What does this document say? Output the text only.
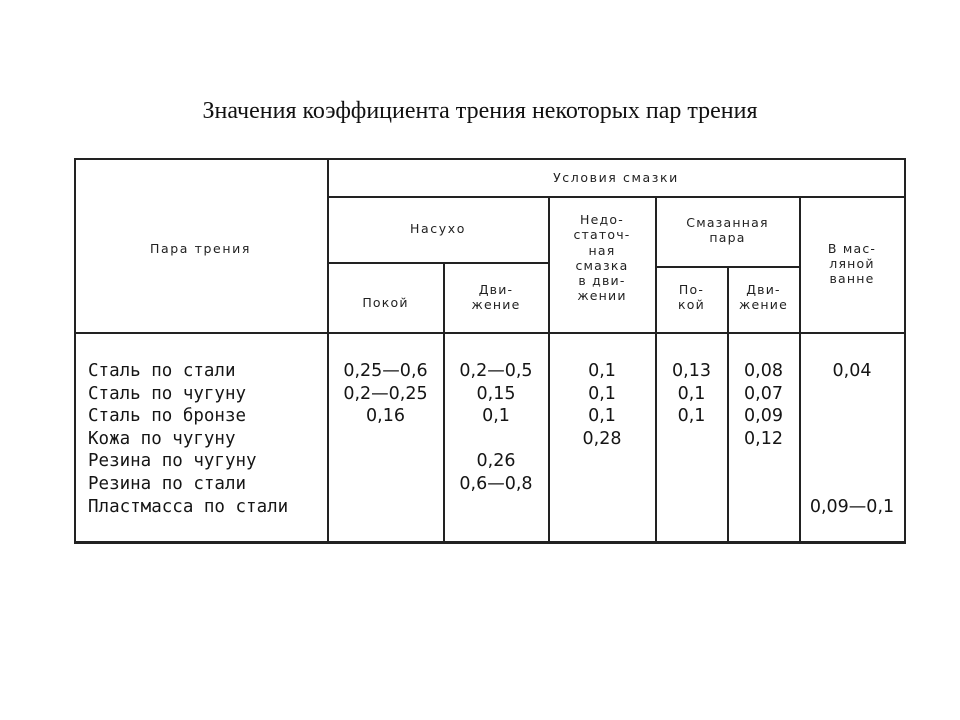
Значения коэффициента трения некоторых пар трения
Пара трения
Условия смазки
Насухо
Покой
Дви-
жение
Недо-
статоч-
ная
смазка
в дви-
жении
Смазанная
пара
По-
кой
Дви-
жение
В мас-
ляной
ванне
Сталь по стали
Сталь по чугуну
Сталь по бронзе
Кожа по чугуну
Резина по чугуну
Резина по стали
Пластмасса по стали
0,25—0,6
0,2—0,25
0,16
0,2—0,5
0,15
0,1
0,26
0,6—0,8
0,1
0,1
0,1
0,28
0,13
0,1
0,1
0,08
0,07
0,09
0,12
0,04
0,09—0,1
